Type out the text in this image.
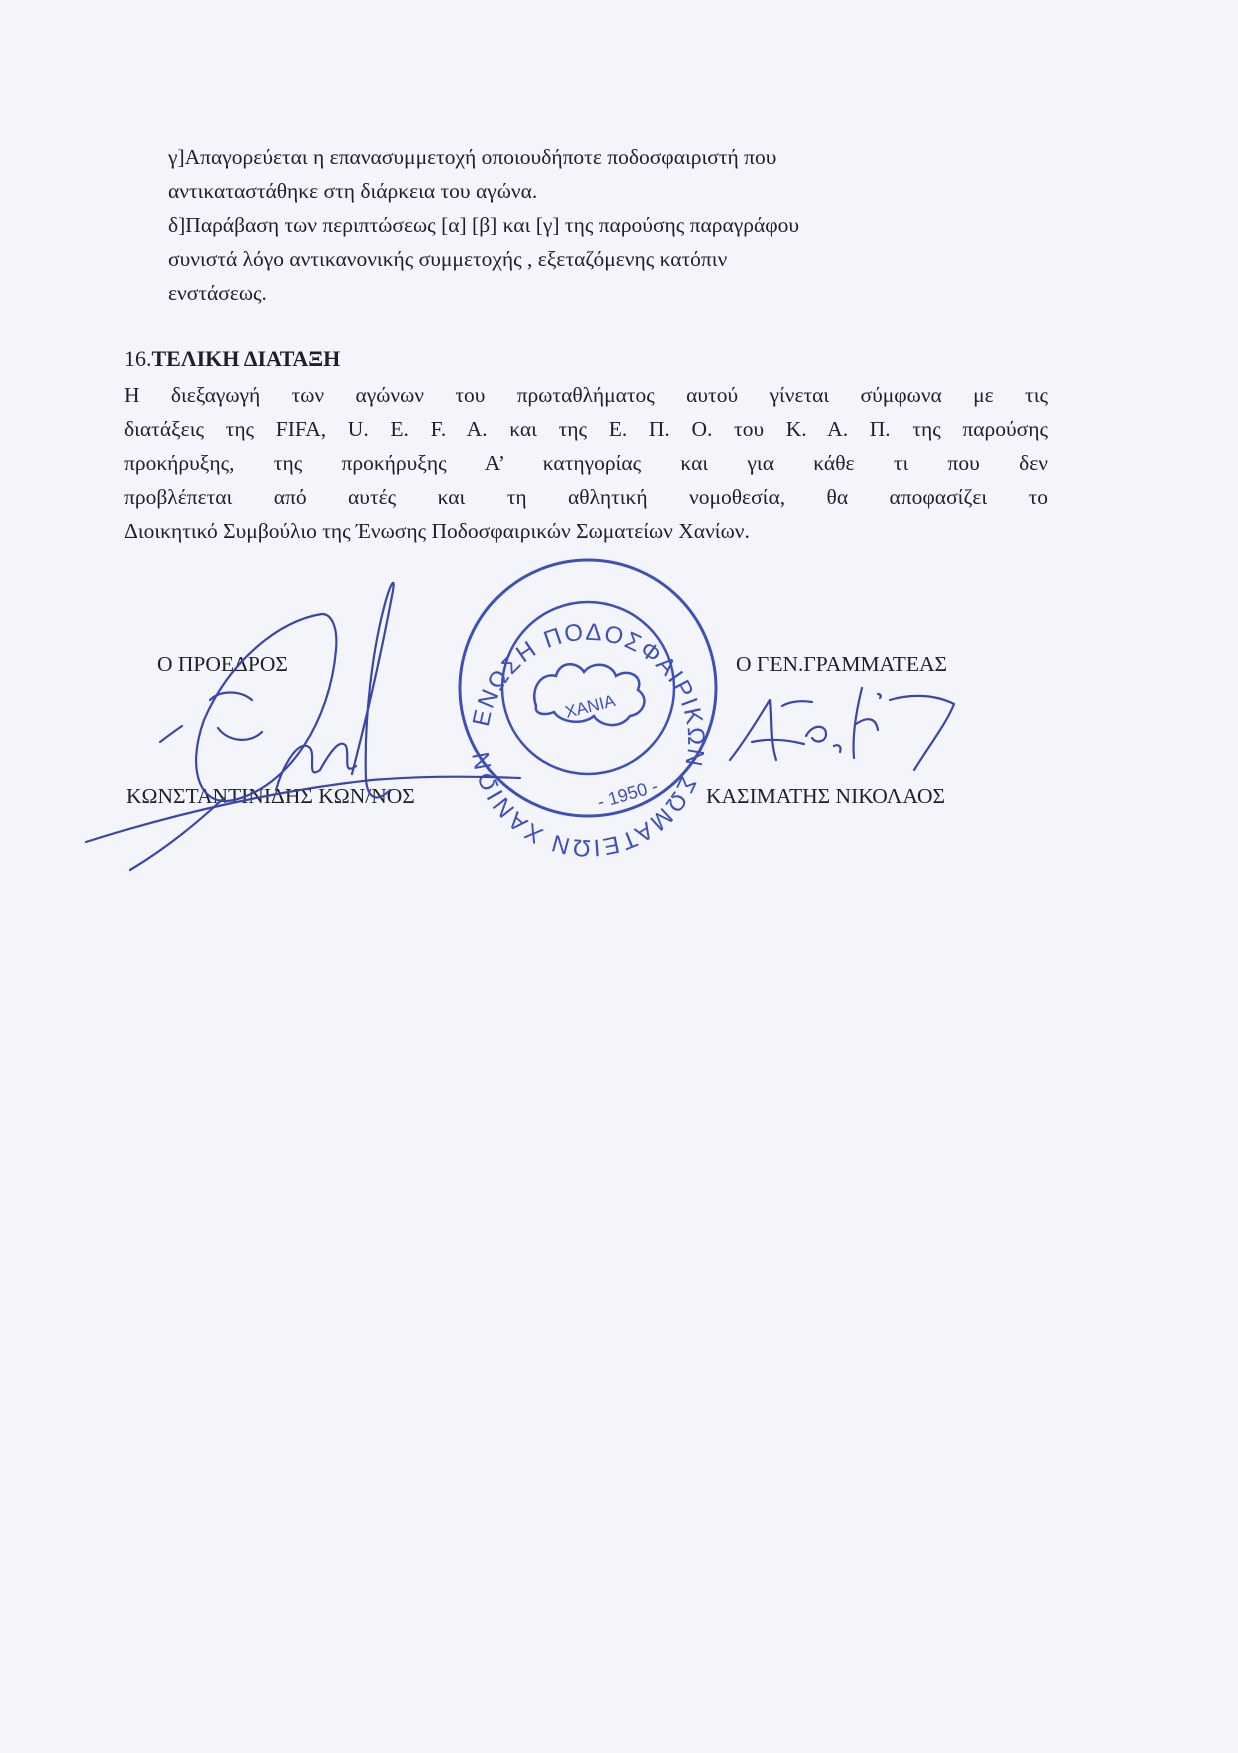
γ]Απαγορεύεται η επανασυμμετοχή οποιουδήποτε ποδοσφαιριστή που

αντικαταστάθηκε στη διάρκεια του αγώνα.

δ]Παράβαση των περιπτώσεως [α] [β] και [γ] της παρούσης παραγράφου

συνιστά λόγο αντικανονικής συμμετοχής , εξεταζόμενης κατόπιν

ενστάσεως.

16.ΤΕΛΙΚΗ ΔΙΑΤΑΞΗ

Η διεξαγωγή των αγώνων του πρωταθλήματος αυτού γίνεται σύμφωνα με τις

διατάξεις της FIFA, U. E. F. A. και της Ε. Π. Ο. του Κ. Α. Π. της παρούσης

προκήρυξης, της προκήρυξης Α’ κατηγορίας και για κάθε τι που δεν

προβλέπεται από αυτές και τη αθλητική νομοθεσία, θα αποφασίζει το

Διοικητικό Συμβούλιο της Ένωσης Ποδοσφαιρικών Σωματείων Χανίων.

Ο ΠΡΟΕΔΡΟΣ	Ο ΓΕΝ.ΓΡΑΜΜΑΤΕΑΣ
ΚΩΝΣΤΑΝΤΙΝΙΔΗΣ ΚΩΝ/ΝΟΣ	ΚΑΣΙΜΑΤΗΣ ΝΙΚΟΛΑΟΣ
ΕΝΩΣΗ ΠΟΔΟΣΦΑΙΡΙΚΩΝ ΣΩΜΑΤΕΙΩΝ ΧΑΝΙΩΝ
ΧΑΝΙΑ
- 1950 -
